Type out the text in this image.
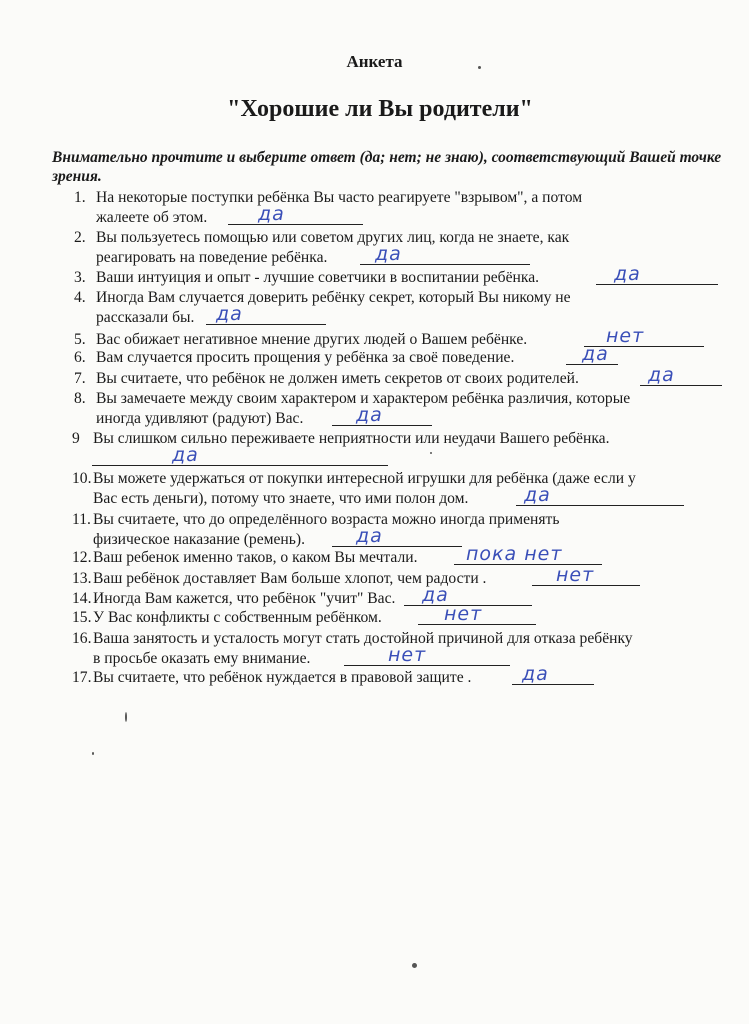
Анкета
"Хорошие ли Вы родители"
Внимательно прочтите и выберите ответ (да; нет; не знаю), соответствующий Вашей точке зрения.
1. На некоторые поступки ребёнка Вы часто реагируете "взрывом", а потом
жалеете об этом.	да
2. Вы пользуетесь помощью или советом других лиц, когда не знаете, как
реагировать на поведение ребёнка.	да
3. Ваши интуиция и опыт - лучшие советчики в воспитании ребёнка.	да
4. Иногда Вам случается доверить ребёнку секрет, который Вы никому не
рассказали бы. да
5. Вас обижает негативное мнение других людей о Вашем ребёнке.	нет
6. Вам случается просить прощения у ребёнка за своё поведение.	да
7. Вы считаете, что ребёнок не должен иметь секретов от своих родителей.	да
8. Вы замечаете между своим характером и характером ребёнка различия, которые
иногда удивляют (радуют) Вас.	да
9 Вы слишком сильно переживаете неприятности или неудачи Вашего ребёнка.
да
10. Вы можете удержаться от покупки интересной игрушки для ребёнка (даже если у
Вас есть деньги), потому что знаете, что ими полон дом.	да
11. Вы считаете, что до определённого возраста можно иногда применять
физическое наказание (ремень).	да
12. Ваш ребенок именно таков, о каком Вы мечтали.	пока нет
13. Ваш ребёнок доставляет Вам больше хлопот, чем радости .	нет
14. Иногда Вам кажется, что ребёнок "учит" Вас. да
15. У Вас конфликты с собственным ребёнком.	нет
16. Ваша занятость и усталость могут стать достойной причиной для отказа ребёнку
в просьбе оказать ему внимание.	нет
17. Вы считаете, что ребёнок нуждается в правовой защите .	да
